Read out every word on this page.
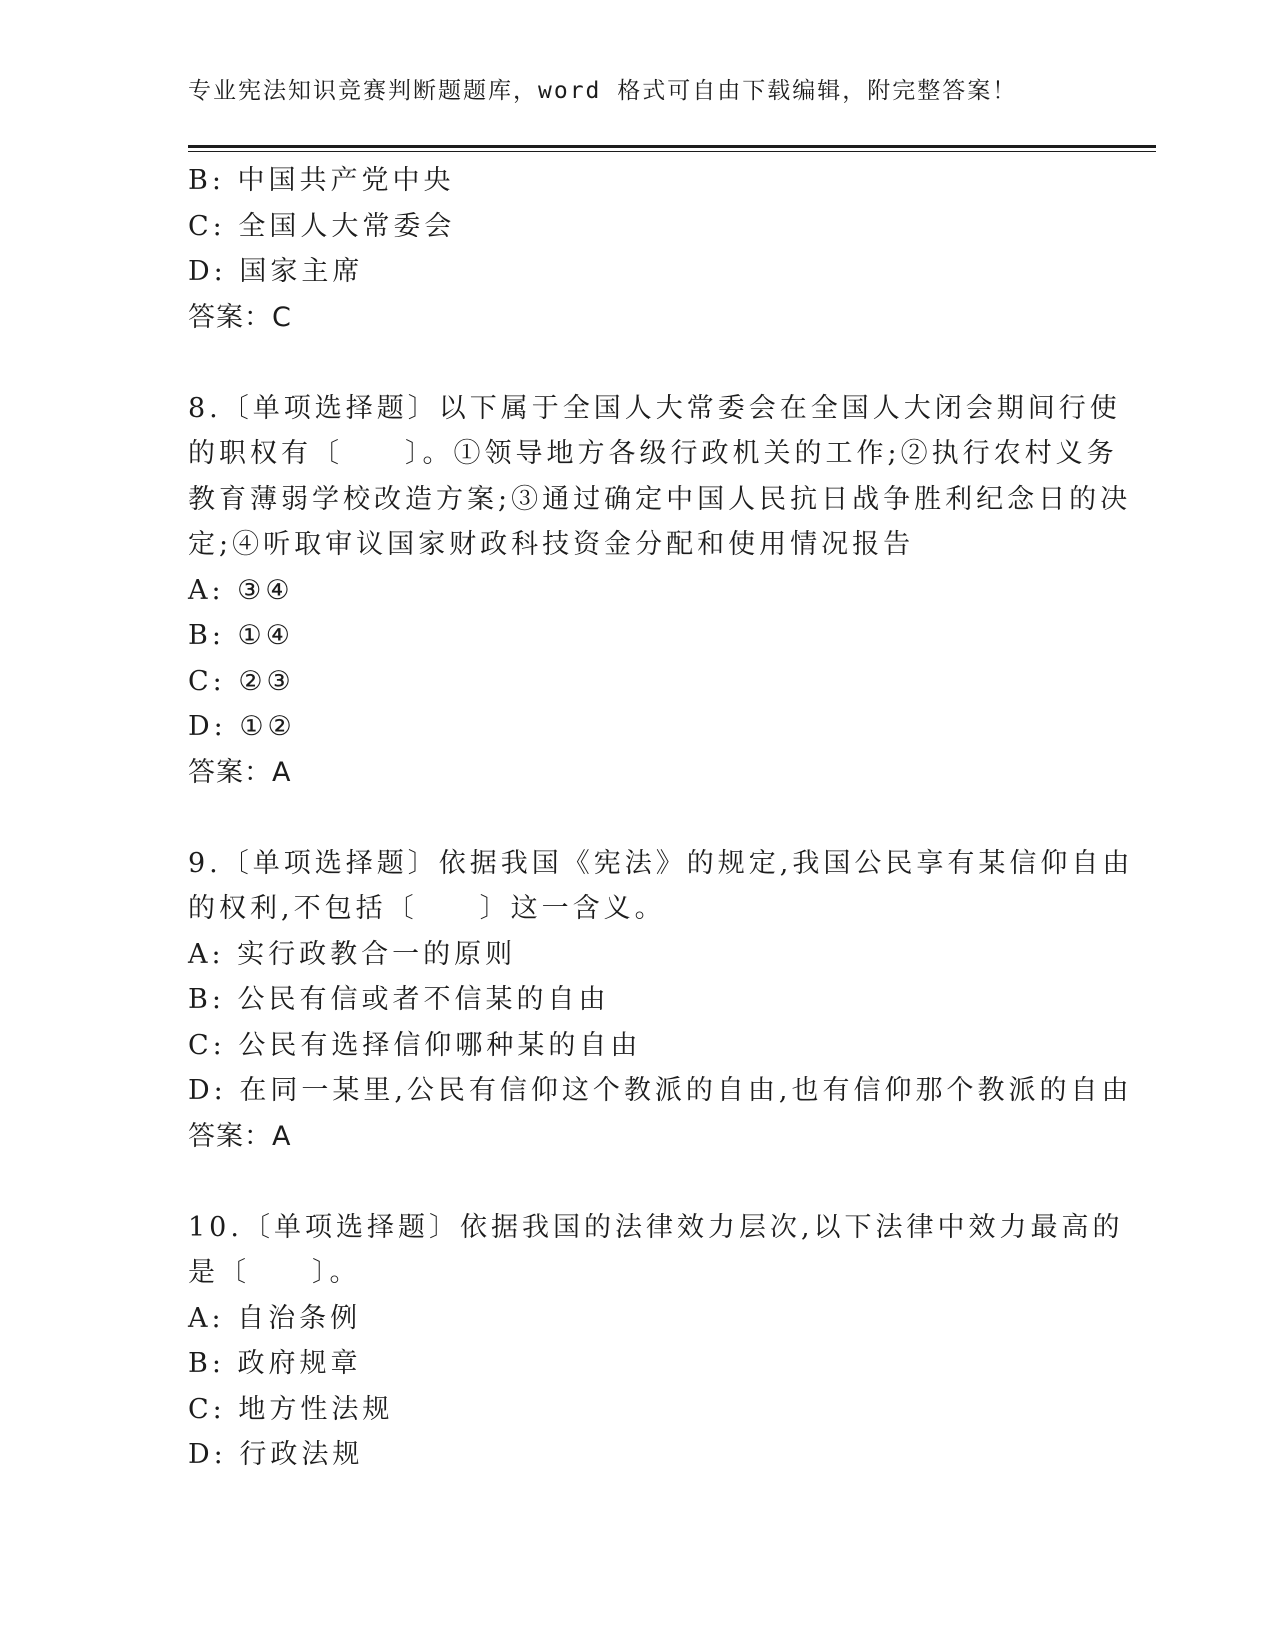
专业宪法知识竞赛判断题题库，word 格式可自由下载编辑，附完整答案！
B: 中国共产党中央
C: 全国人大常委会
D: 国家主席
答案：C
8.〔单项选择题〕以下属于全国人大常委会在全国人大闭会期间行使
的职权有〔　　〕。①领导地方各级行政机关的工作;②执行农村义务
教育薄弱学校改造方案;③通过确定中国人民抗日战争胜利纪念日的决
定;④听取审议国家财政科技资金分配和使用情况报告
A: ③④
B: ①④
C: ②③
D: ①②
答案：A
9.〔单项选择题〕依据我国《宪法》的规定,我国公民享有某信仰自由
的权利,不包括〔　　〕这一含义。
A: 实行政教合一的原则
B: 公民有信或者不信某的自由
C: 公民有选择信仰哪种某的自由
D: 在同一某里,公民有信仰这个教派的自由,也有信仰那个教派的自由
答案：A
10.〔单项选择题〕依据我国的法律效力层次,以下法律中效力最高的
是〔　　〕。
A: 自治条例
B: 政府规章
C: 地方性法规
D: 行政法规
